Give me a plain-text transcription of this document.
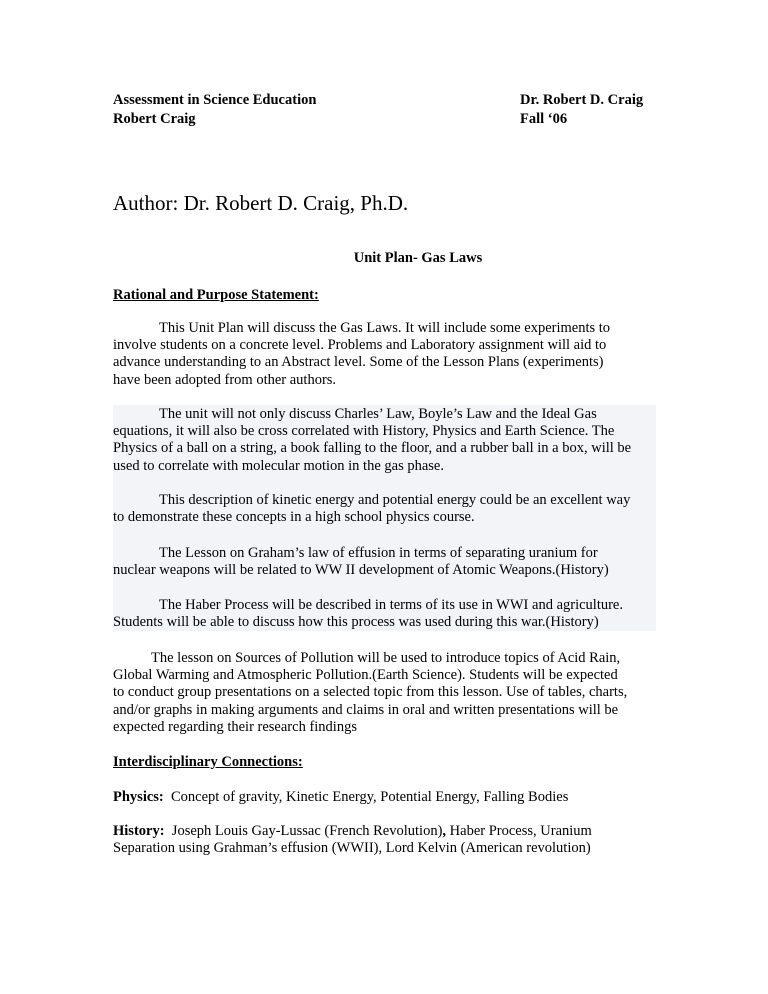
Assessment in Science Education	Dr. Robert D. Craig
Robert Craig	Fall ‘06
Author: Dr. Robert D. Craig, Ph.D.
Unit Plan- Gas Laws
Rational and Purpose Statement:
This Unit Plan will discuss the Gas Laws. It will include some experiments to
involve students on a concrete level. Problems and Laboratory assignment will aid to
advance understanding to an Abstract level. Some of the Lesson Plans (experiments)
have been adopted from other authors.
The unit will not only discuss Charles’ Law, Boyle’s Law and the Ideal Gas
equations, it will also be cross correlated with History, Physics and Earth Science. The
Physics of a ball on a string, a book falling to the floor, and a rubber ball in a box, will be
used to correlate with molecular motion in the gas phase.
This description of kinetic energy and potential energy could be an excellent way
to demonstrate these concepts in a high school physics course.
The Lesson on Graham’s law of effusion in terms of separating uranium for
nuclear weapons will be related to WW II development of Atomic Weapons.(History)
The Haber Process will be described in terms of its use in WWI and agriculture.
Students will be able to discuss how this process was used during this war.(History)
The lesson on Sources of Pollution will be used to introduce topics of Acid Rain,
Global Warming and Atmospheric Pollution.(Earth Science). Students will be expected
to conduct group presentations on a selected topic from this lesson. Use of tables, charts,
and/or graphs in making arguments and claims in oral and written presentations will be
expected regarding their research findings
Interdisciplinary Connections:
Physics:  Concept of gravity, Kinetic Energy, Potential Energy, Falling Bodies
History:  Joseph Louis Gay-Lussac (French Revolution), Haber Process, Uranium
Separation using Grahman’s effusion (WWII), Lord Kelvin (American revolution)
